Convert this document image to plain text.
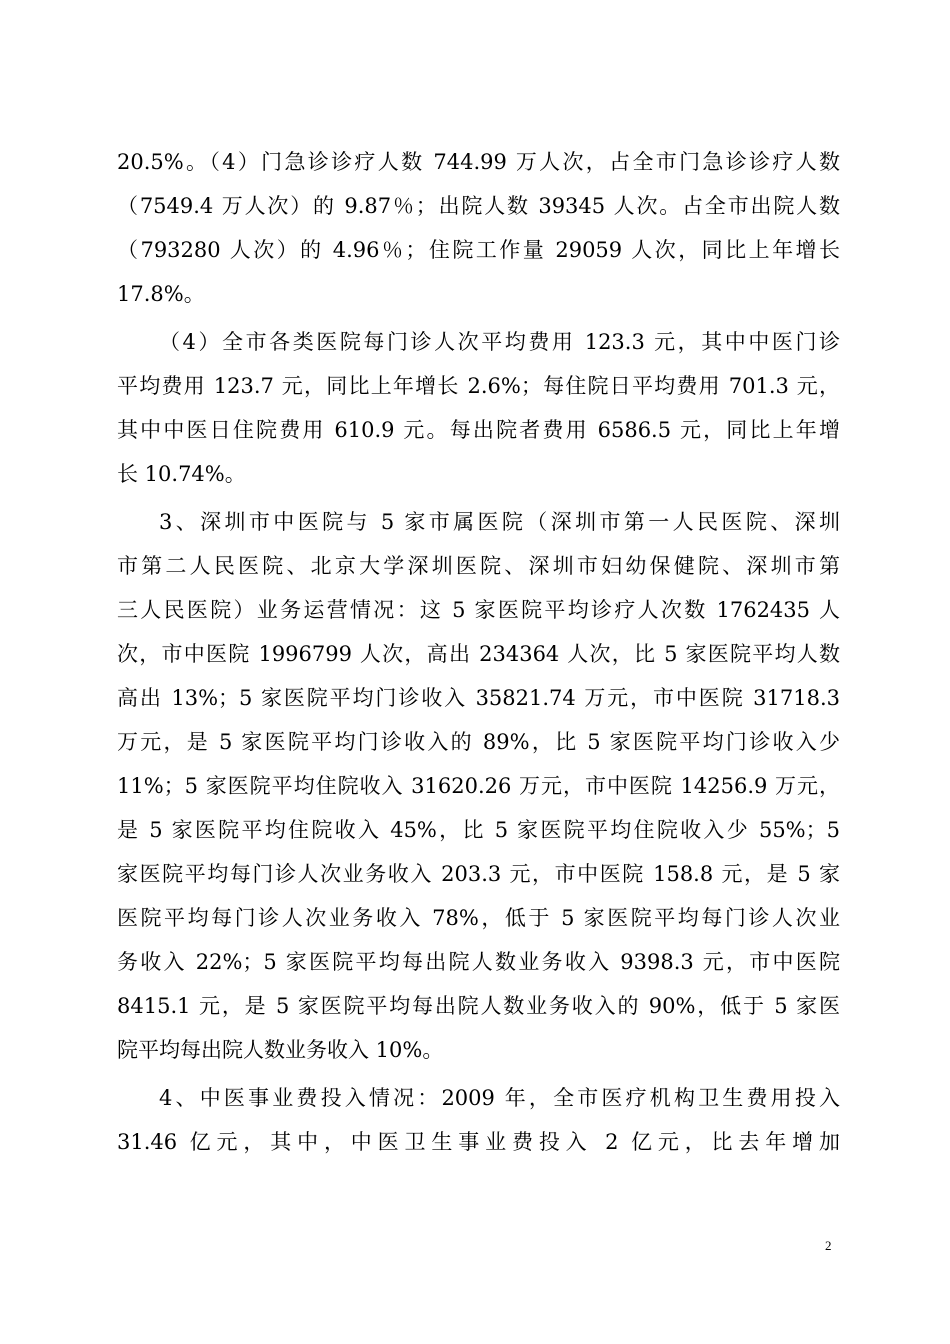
20.5%。（4）门急诊诊疗人数 744.99 万人次，占全市门急诊诊疗人数
（7549.4 万人次）的 9.87％；出院人数 39345 人次。占全市出院人数
（793280 人次）的 4.96％；住院工作量 29059 人次，同比上年增长
17.8%。
（4）全市各类医院每门诊人次平均费用 123.3 元，其中中医门诊
平均费用 123.7 元，同比上年增长 2.6%；每住院日平均费用 701.3 元，
其中中医日住院费用 610.9 元。每出院者费用 6586.5 元，同比上年增
长 10.74%。
3、深圳市中医院与 5 家市属医院（深圳市第一人民医院、深圳
市第二人民医院、北京大学深圳医院、深圳市妇幼保健院、深圳市第
三人民医院）业务运营情况：这 5 家医院平均诊疗人次数 1762435 人
次，市中医院 1996799 人次，高出 234364 人次，比 5 家医院平均人数
高出 13%；5 家医院平均门诊收入 35821.74 万元，市中医院 31718.3
万元，是 5 家医院平均门诊收入的 89%，比 5 家医院平均门诊收入少
11%；5 家医院平均住院收入 31620.26 万元，市中医院 14256.9 万元，
是 5 家医院平均住院收入 45%，比 5 家医院平均住院收入少 55%；5
家医院平均每门诊人次业务收入 203.3 元，市中医院 158.8 元，是 5 家
医院平均每门诊人次业务收入 78%，低于 5 家医院平均每门诊人次业
务收入 22%；5 家医院平均每出院人数业务收入 9398.3 元，市中医院
8415.1 元，是 5 家医院平均每出院人数业务收入的 90%，低于 5 家医
院平均每出院人数业务收入 10%。
4、中医事业费投入情况：2009 年，全市医疗机构卫生费用投入
31.46 亿元，其中，中医卫生事业费投入 2 亿元，比去年增加
2
